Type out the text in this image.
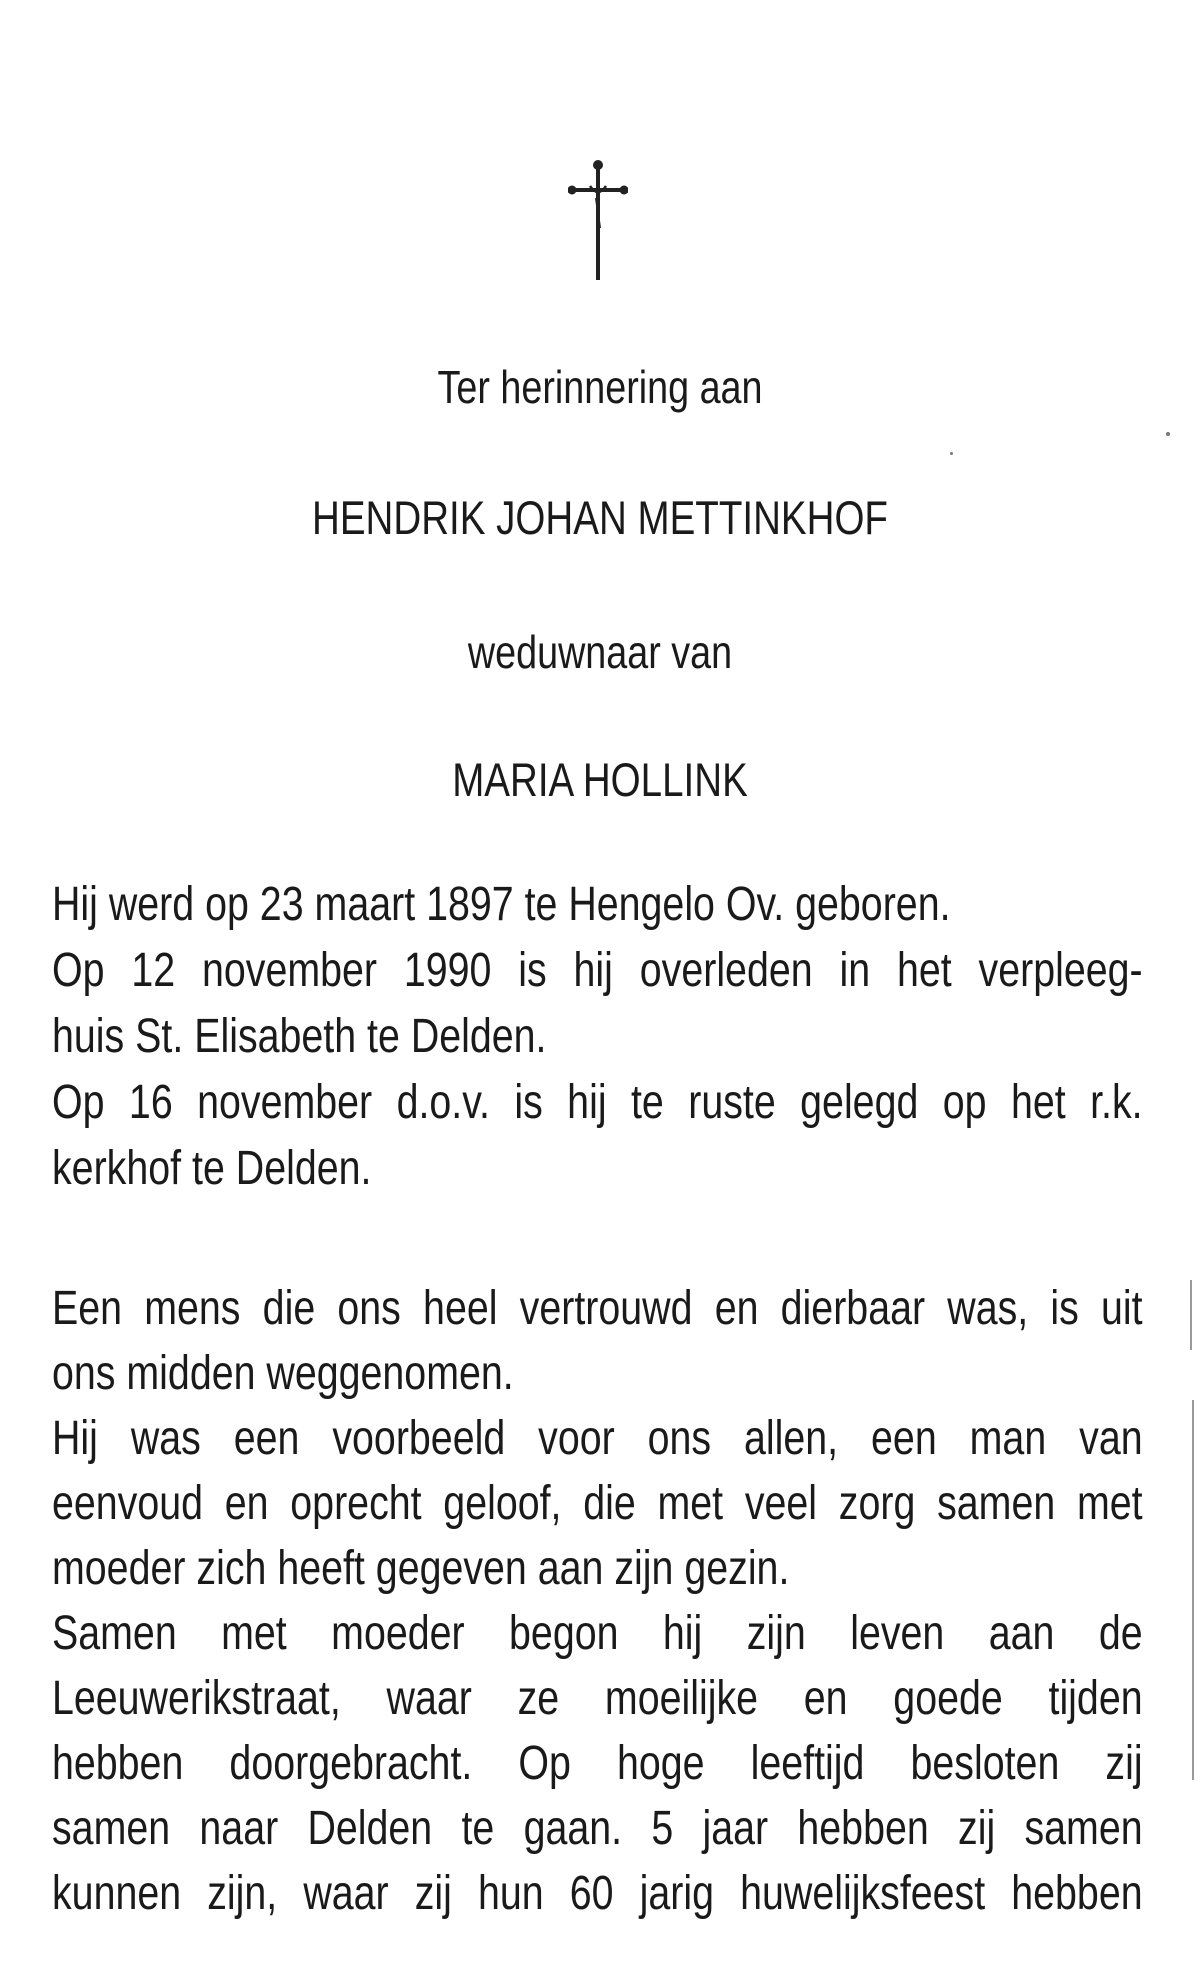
Ter herinnering aan
HENDRIK JOHAN METTINKHOF
weduwnaar van
MARIA HOLLINK
Hij werd op 23 maart 1897 te Hengelo Ov. geboren.
Op 12 november 1990 is hij overleden in het verpleeg-
huis St. Elisabeth te Delden.
Op 16 november d.o.v. is hij te ruste gelegd op het r.k.
kerkhof te Delden.
Een mens die ons heel vertrouwd en dierbaar was, is uit
ons midden weggenomen.
Hij was een voorbeeld voor ons allen, een man van
eenvoud en oprecht geloof, die met veel zorg samen met
moeder zich heeft gegeven aan zijn gezin.
Samen met moeder begon hij zijn leven aan de
Leeuwerikstraat, waar ze moeilijke en goede tijden
hebben doorgebracht. Op hoge leeftijd besloten zij
samen naar Delden te gaan. 5 jaar hebben zij samen
kunnen zijn, waar zij hun 60 jarig huwelijksfeest hebben
